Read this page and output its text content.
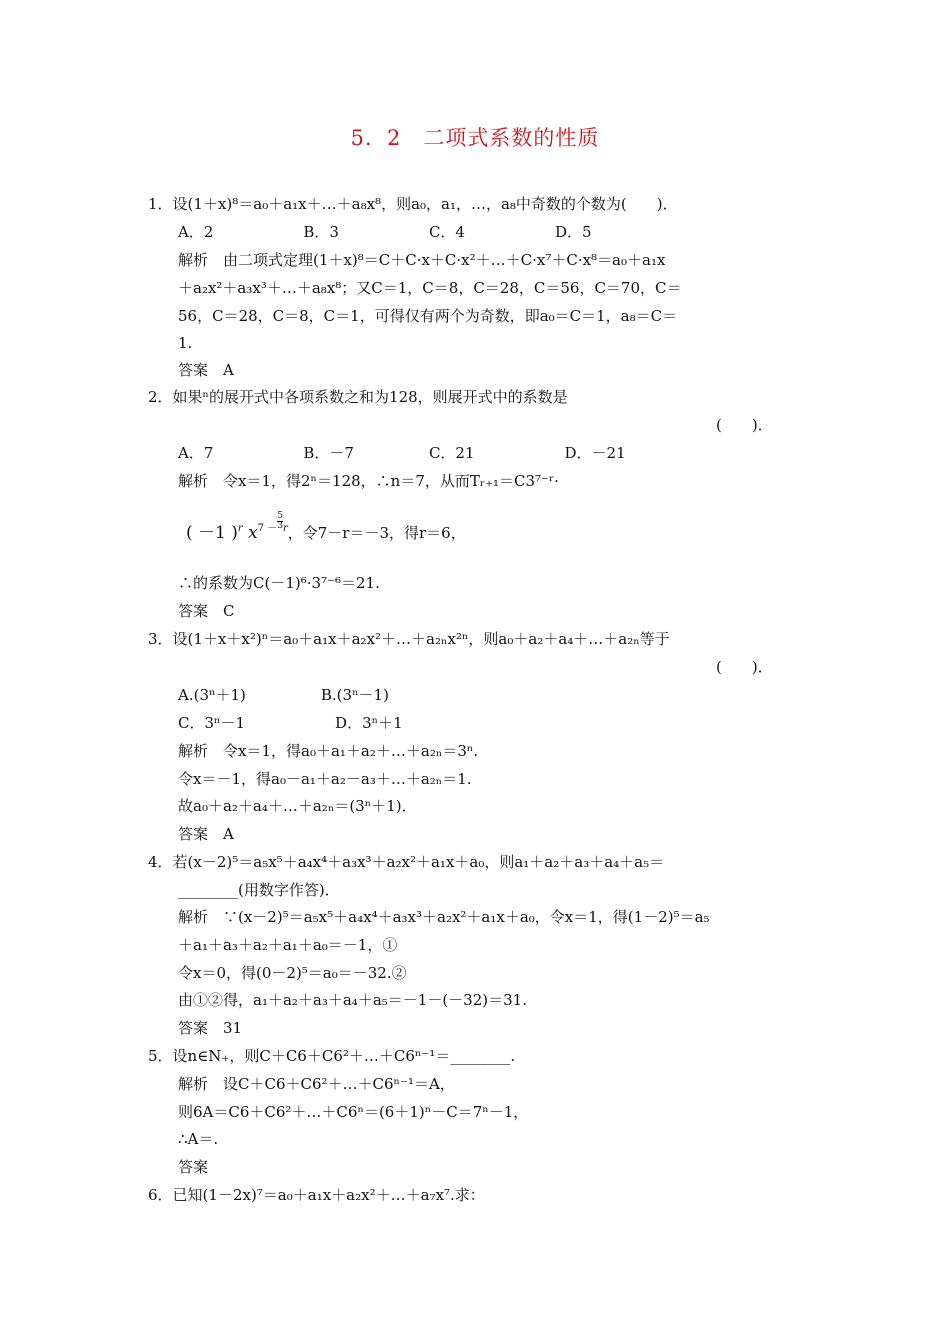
5．2　二项式系数的性质
1．设(1＋x)⁸＝a₀＋a₁x＋…＋a₈x⁸，则a₀，a₁，…，a₈中奇数的个数为(　　)．
A．2　　　　　　B．3　　　　　　C．4　　　　　　D．5
解析　由二项式定理(1＋x)⁸＝C＋C·x＋C·x²＋…＋C·x⁷＋C·x⁸＝a₀＋a₁x
＋a₂x²＋a₃x³＋…＋a₈x⁸；又C＝1，C＝8，C＝28，C＝56，C＝70，C＝
56，C＝28，C＝8，C＝1，可得仅有两个为奇数，即a₀＝C＝1，a₈＝C＝
1.
答案　A
2．如果ⁿ的展开式中各项系数之和为128，则展开式中的系数是
(　　)．
A．7　　　　　　B．－7　　　　　C．21　　　　　　D．－21
解析　令x＝1，得2ⁿ＝128，∴n＝7，从而Tᵣ₊₁＝C3⁷⁻ʳ·
( －1 )$^r$ $x^{7 -} \frac{5}{3} ^r$，令7－r＝－3，得r＝6，
∴的系数为C(－1)⁶·3⁷⁻⁶＝21.
答案　C
3．设(1＋x＋x²)ⁿ＝a₀＋a₁x＋a₂x²＋…＋a₂ₙx²ⁿ，则a₀＋a₂＋a₄＋…＋a₂ₙ等于
(　　)．
A.(3ⁿ＋1)　　　　　B.(3ⁿ－1)
C．3ⁿ－1　　　　　　D．3ⁿ＋1
解析　令x＝1，得a₀＋a₁＋a₂＋…＋a₂ₙ＝3ⁿ.
令x＝－1，得a₀－a₁＋a₂－a₃＋…＋a₂ₙ＝1.
故a₀＋a₂＋a₄＋…＋a₂ₙ＝(3ⁿ＋1)．
答案　A
4．若(x－2)⁵＝a₅x⁵＋a₄x⁴＋a₃x³＋a₂x²＋a₁x＋a₀，则a₁＋a₂＋a₃＋a₄＋a₅＝
________(用数字作答)．
解析　∵(x－2)⁵＝a₅x⁵＋a₄x⁴＋a₃x³＋a₂x²＋a₁x＋a₀，令x＝1，得(1－2)⁵＝a₅
＋a₁＋a₃＋a₂＋a₁＋a₀＝－1，①
令x＝0，得(0－2)⁵＝a₀＝－32.②
由①②得，a₁＋a₂＋a₃＋a₄＋a₅＝－1－(－32)＝31.
答案　31
5．设n∈N₊，则C＋C6＋C6²＋…＋C6ⁿ⁻¹＝________.
解析　设C＋C6＋C6²＋…＋C6ⁿ⁻¹＝A，
则6A＝C6＋C6²＋…＋C6ⁿ＝(6＋1)ⁿ－C＝7ⁿ－1，
∴A＝.
答案
6．已知(1－2x)⁷＝a₀＋a₁x＋a₂x²＋…＋a₇x⁷.求：
